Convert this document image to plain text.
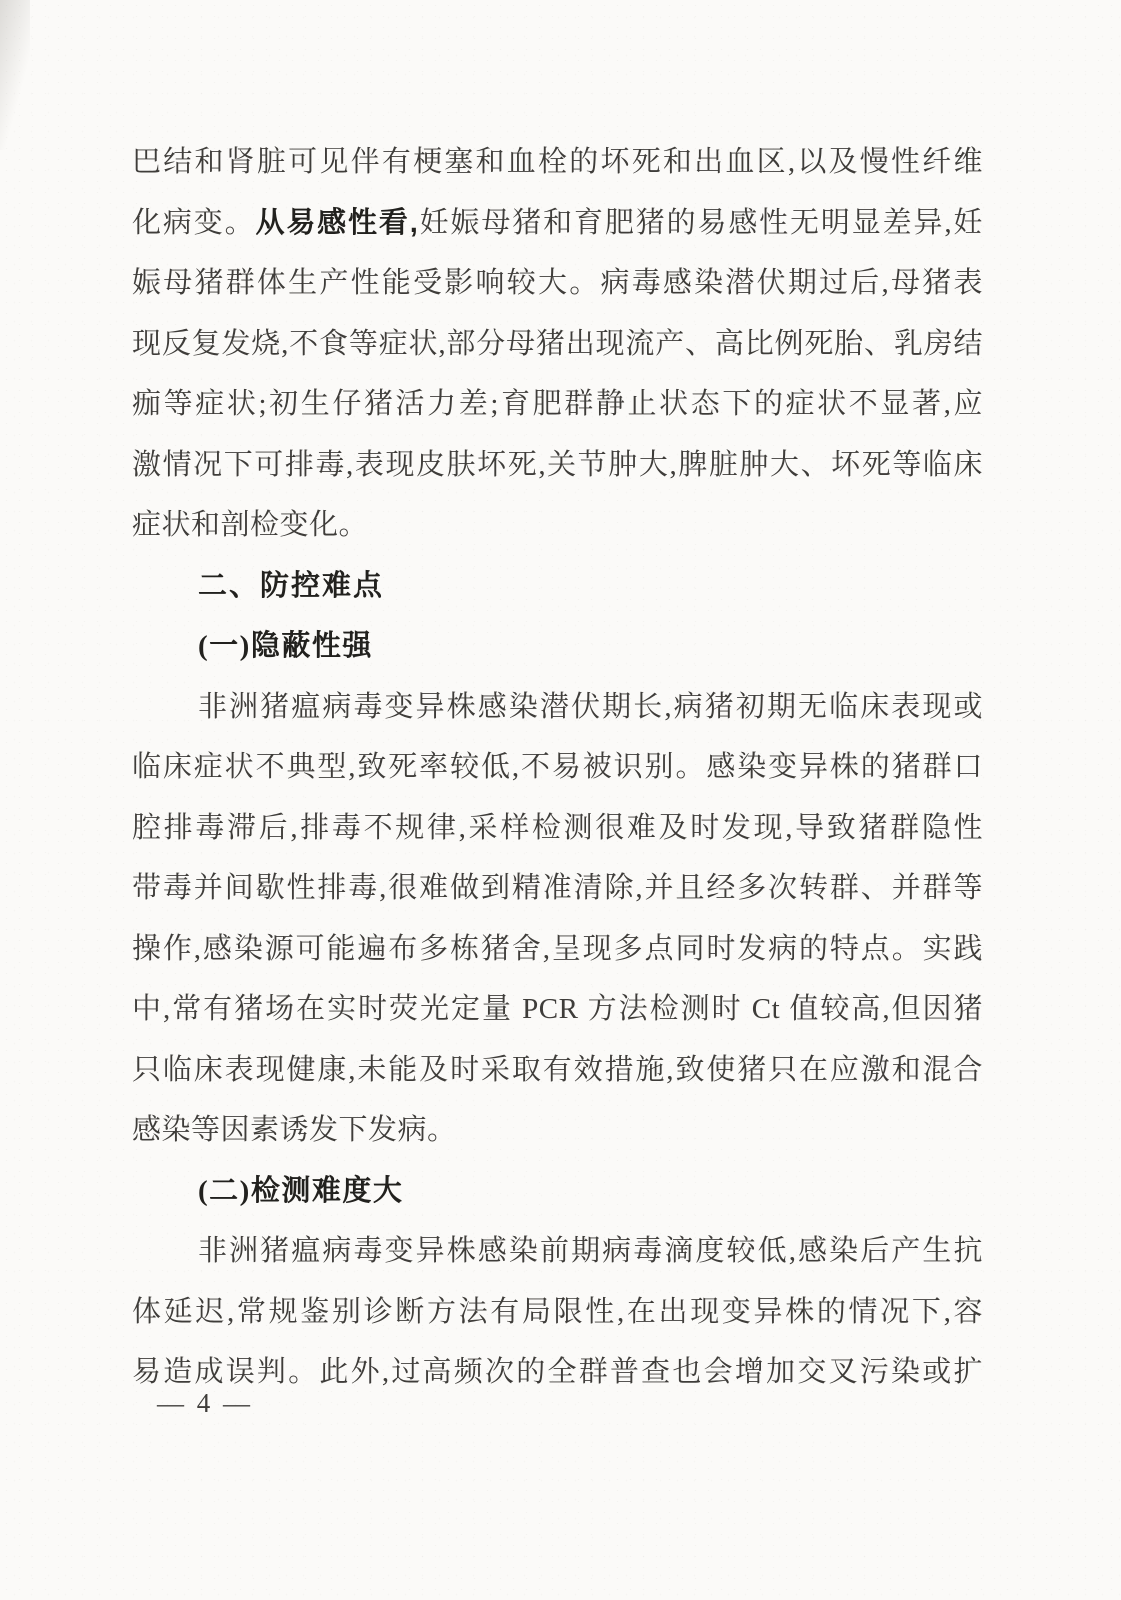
巴结和肾脏可见伴有梗塞和血栓的坏死和出血区,以及慢性纤维
化病变。从易感性看,妊娠母猪和育肥猪的易感性无明显差异,妊
娠母猪群体生产性能受影响较大。病毒感染潜伏期过后,母猪表
现反复发烧,不食等症状,部分母猪出现流产、高比例死胎、乳房结
痂等症状;初生仔猪活力差;育肥群静止状态下的症状不显著,应
激情况下可排毒,表现皮肤坏死,关节肿大,脾脏肿大、坏死等临床
症状和剖检变化。
二、防控难点
(一)隐蔽性强
非洲猪瘟病毒变异株感染潜伏期长,病猪初期无临床表现或
临床症状不典型,致死率较低,不易被识别。感染变异株的猪群口
腔排毒滞后,排毒不规律,采样检测很难及时发现,导致猪群隐性
带毒并间歇性排毒,很难做到精准清除,并且经多次转群、并群等
操作,感染源可能遍布多栋猪舍,呈现多点同时发病的特点。实践
中,常有猪场在实时荧光定量 PCR 方法检测时 Ct 值较高,但因猪
只临床表现健康,未能及时采取有效措施,致使猪只在应激和混合
感染等因素诱发下发病。
(二)检测难度大
非洲猪瘟病毒变异株感染前期病毒滴度较低,感染后产生抗
体延迟,常规鉴别诊断方法有局限性,在出现变异株的情况下,容
易造成误判。此外,过高频次的全群普查也会增加交叉污染或扩
— 4 —
